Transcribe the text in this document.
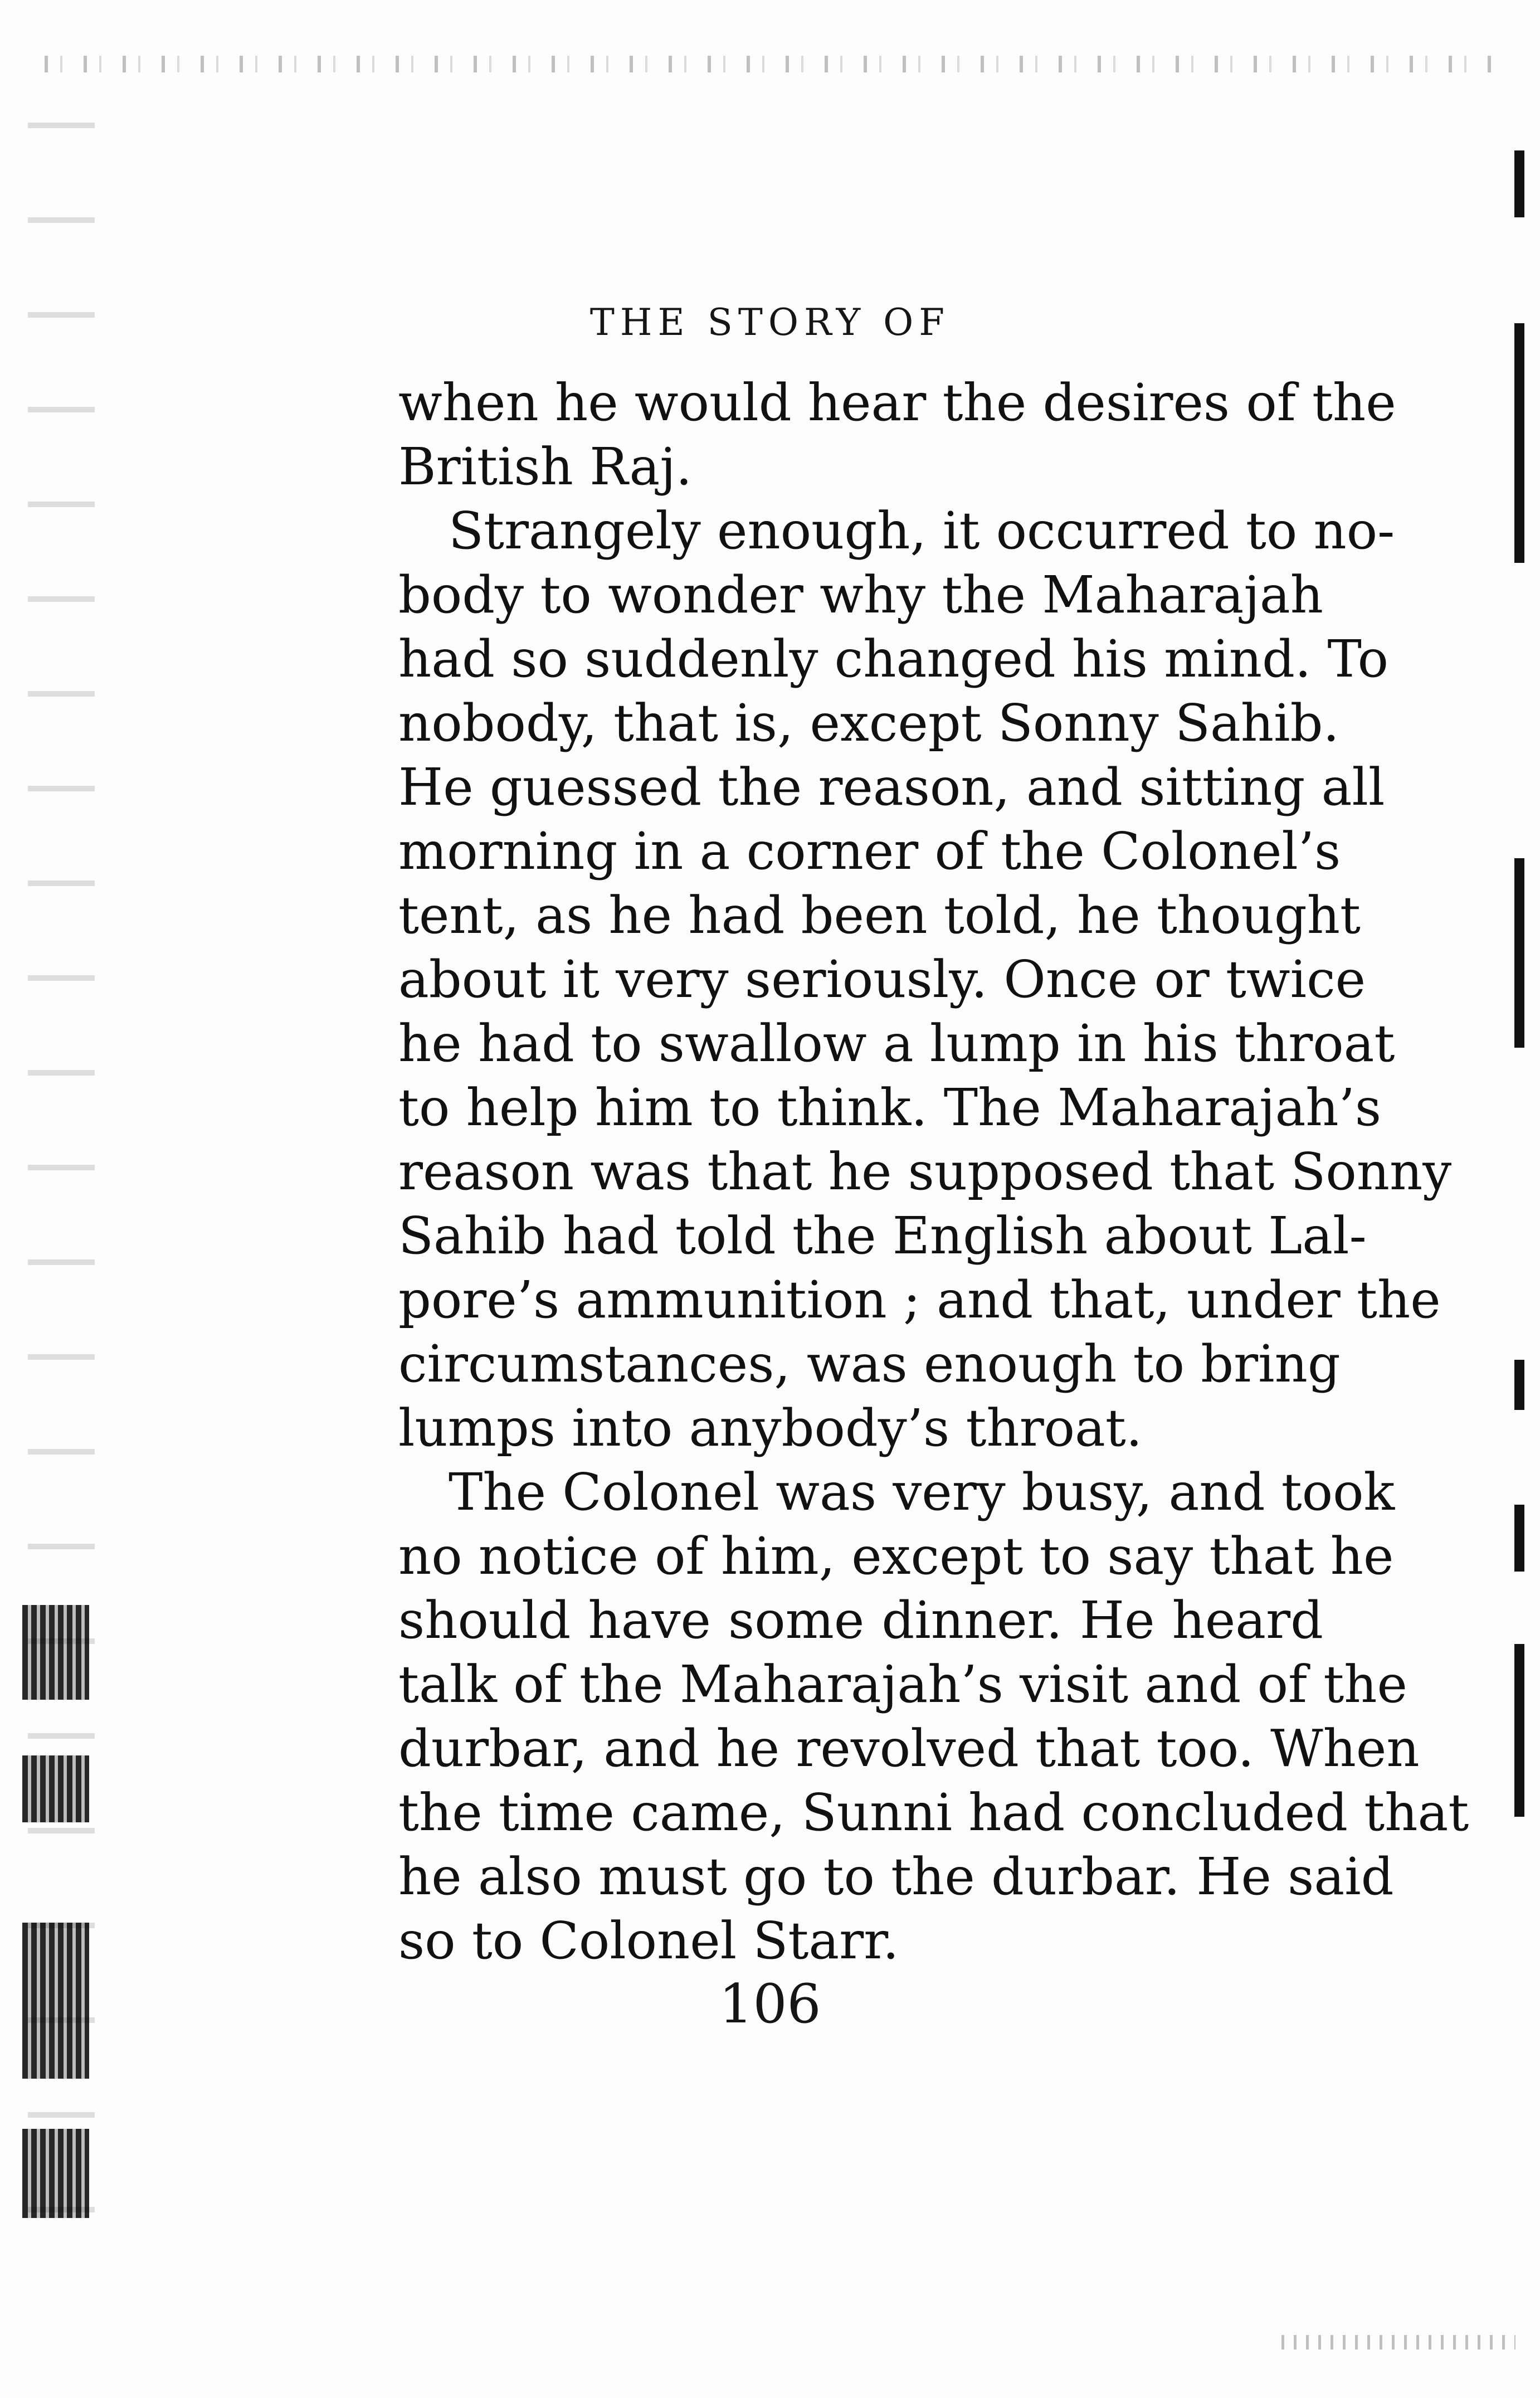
THE STORY OF
when he would hear the desires of the
British Raj.
Strangely enough, it occurred to no-
body to wonder why the Maharajah
had so suddenly changed his mind. To
nobody, that is, except Sonny Sahib.
He guessed the reason, and sitting all
morning in a corner of the Colonel’s
tent, as he had been told, he thought
about it very seriously. Once or twice
he had to swallow a lump in his throat
to help him to think. The Maharajah’s
reason was that he supposed that Sonny
Sahib had told the English about Lal-
pore’s ammunition ; and that, under the
circumstances, was enough to bring
lumps into anybody’s throat.
The Colonel was very busy, and took
no notice of him, except to say that he
should have some dinner. He heard
talk of the Maharajah’s visit and of the
durbar, and he revolved that too. When
the time came, Sunni had concluded that
he also must go to the durbar. He said
so to Colonel Starr.
106
